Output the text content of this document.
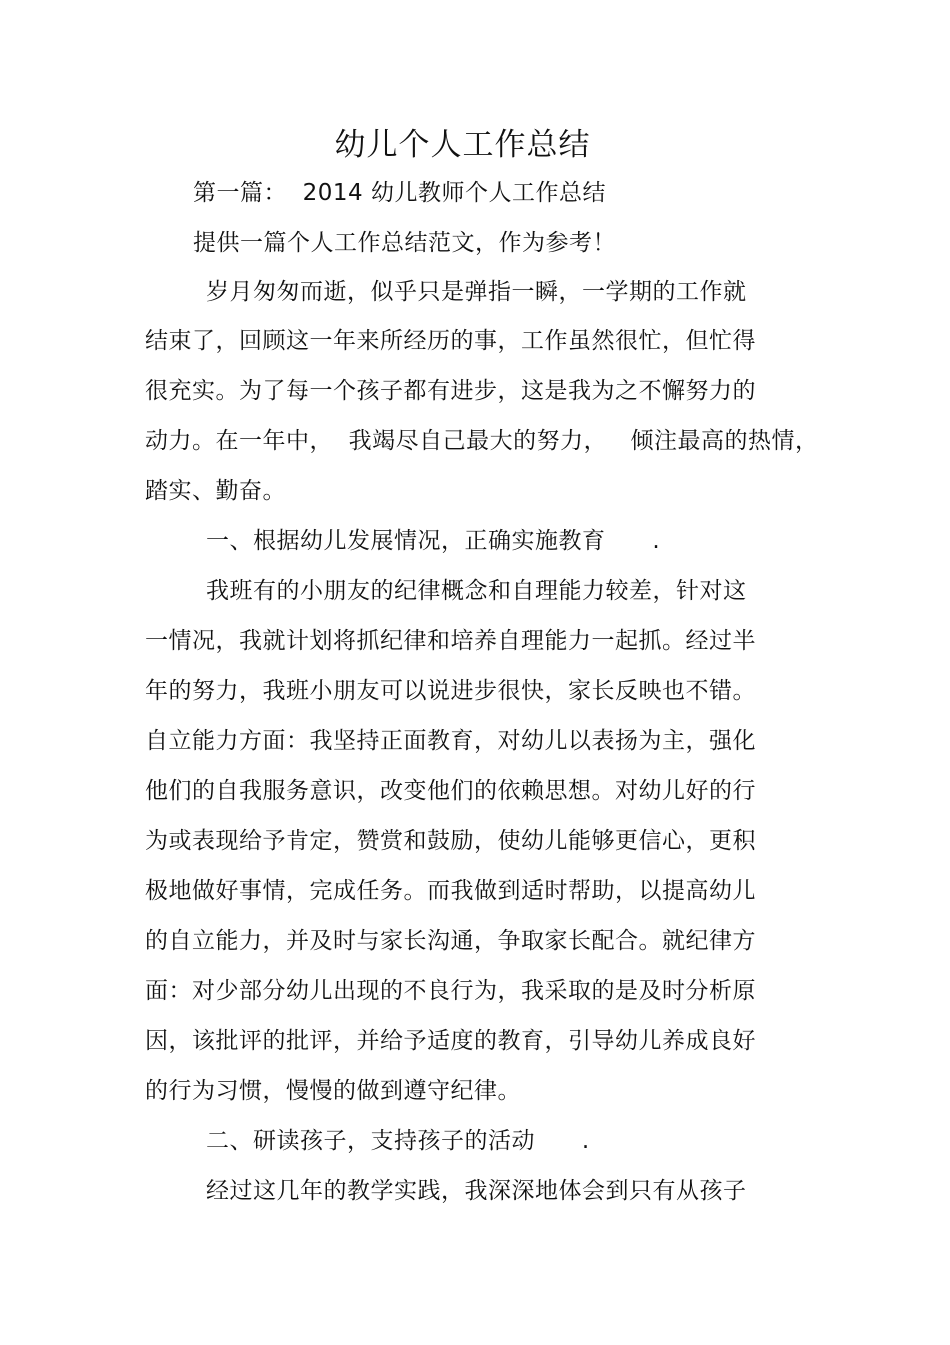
幼儿个人工作总结
第一篇：  2014 幼儿教师个人工作总结
提供一篇个人工作总结范文，作为参考！
岁月匆匆而逝，似乎只是弹指一瞬，一学期的工作就
结束了，回顾这一年来所经历的事，工作虽然很忙，但忙得
很充实。为了每一个孩子都有进步，这是我为之不懈努力的
动力。在一年中，  我竭尽自己最大的努力，   倾注最高的热情，
踏实、勤奋。
一、根据幼儿发展情况，正确实施教育      .
我班有的小朋友的纪律概念和自理能力较差，针对这
一情况，我就计划将抓纪律和培养自理能力一起抓。经过半
年的努力，我班小朋友可以说进步很快，家长反映也不错。
自立能力方面：我坚持正面教育，对幼儿以表扬为主，强化
他们的自我服务意识，改变他们的依赖思想。对幼儿好的行
为或表现给予肯定，赞赏和鼓励，使幼儿能够更信心，更积
极地做好事情，完成任务。而我做到适时帮助，以提高幼儿
的自立能力，并及时与家长沟通，争取家长配合。就纪律方
面：对少部分幼儿出现的不良行为，我采取的是及时分析原
因，该批评的批评，并给予适度的教育，引导幼儿养成良好
的行为习惯，慢慢的做到遵守纪律。
二、研读孩子，支持孩子的活动      .
经过这几年的教学实践，我深深地体会到只有从孩子
